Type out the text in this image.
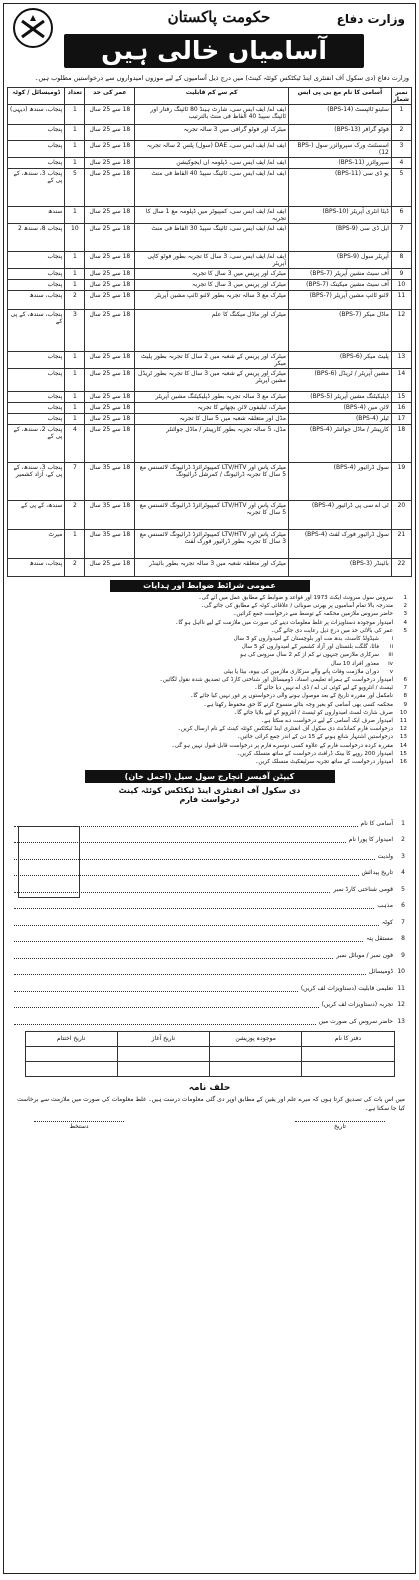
وزارت دفاع
حکومت پاکستان
آسامیاں خالی ہیں
وزارت دفاع (دی سکول آف انفنٹری اینڈ ٹیکٹکس کوئٹہ کینٹ) میں درج ذیل آسامیوں کے لیے موزوں امیدواروں سے درخواستیں مطلوب ہیں۔
نمبر شمار	آسامی کا نام مع بی پی ایس	کم سے کم قابلیت	عمر کی حد	تعداد	ڈومیسائل / کوٹہ
1	سٹینو ٹائپسٹ (BPS-14)	ایف اے/ ایف ایس سی، شارٹ ہینڈ 80 ٹائپنگ رفتار اور ٹائپنگ سپیڈ 40 الفاظ فی منٹ بالترتیب	18 سے 25 سال	1	پنجاب، سندھ (دیہی)
2	فوٹو گرافر (BPS-13)	میٹرک اور فوٹو گرافی میں 3 سالہ تجربہ	18 سے 25 سال	1	پنجاب
3	اسسٹنٹ ورک سپروائزر سول (BPS-12)	ایف اے/ ایف ایس سی، DAE (سول) پلس 2 سالہ تجربہ	18 سے 25 سال	1	پنجاب
4	سپروائزر (BPS-11)	ایف اے/ ایف ایس سی، ڈپلومہ ان ایجوکیشن	18 سے 25 سال	1	پنجاب
5	یو ڈی سی (BPS-11)	ایف اے/ ایف ایس سی، ٹائپنگ سپیڈ 40 الفاظ فی منٹ	18 سے 25 سال	5	پنجاب 3، سندھ، کے پی کے
6	ڈیٹا انٹری آپریٹر (BPS-10)	ایف اے/ ایف ایس سی، کمپیوٹر میں ڈپلومہ مع 1 سال کا تجربہ	18 سے 25 سال	1	سندھ
7	ایل ڈی سی (BPS-9)	ایف اے/ ایف ایس سی، ٹائپنگ سپیڈ 30 الفاظ فی منٹ	18 سے 25 سال	10	پنجاب 8، سندھ 2
8	آپریٹر سول (BPS-9)	ایف اے/ ایف ایس سی، 3 سال کا تجربہ بطور فوٹو کاپی آپریٹر	18 سے 25 سال	1	پنجاب
9	آف سیٹ مشین آپریٹر (BPS-7)	میٹرک اور پریس میں 3 سال کا تجربہ	18 سے 25 سال	1	پنجاب
10	آف سیٹ مشین میکینک (BPS-7)	میٹرک اور پریس میں 3 سال کا تجربہ	18 سے 25 سال	1	پنجاب
11	لائنو ٹائپ مشین آپریٹر (BPS-7)	میٹرک مع 3 سالہ تجربہ بطور لائنو ٹائپ مشین آپریٹر	18 سے 25 سال	2	پنجاب، سندھ
12	ماڈل میکر (BPS-7)	میٹرک اور ماڈل میکنگ کا علم	18 سے 25 سال	3	پنجاب، سندھ، کے پی کے
13	پلیٹ میکر (BPS-6)	میٹرک اور پریس کے شعبہ میں 2 سال کا تجربہ بطور پلیٹ میکر	18 سے 25 سال	1	پنجاب
14	مشین آپریٹر / ٹریڈل (BPS-6)	میٹرک اور پریس کے شعبہ میں 3 سال کا تجربہ بطور ٹریڈل مشین آپریٹر	18 سے 25 سال	1	پنجاب
15	ڈپلیکیٹنگ مشین آپریٹر (BPS-5)	میٹرک مع 3 سالہ تجربہ بطور ڈپلیکیٹنگ مشین آپریٹر	18 سے 25 سال	1	پنجاب
16	لائن مین (BPS-4)	میٹرک، ٹیلیفون لائن بچھانے کا تجربہ	18 سے 25 سال	1	پنجاب
17	ٹیلر (BPS-4)	مڈل اور متعلقہ شعبہ میں 5 سال کا تجربہ	18 سے 25 سال	1	پنجاب
18	کارپینٹر / ماڈل جوائنٹر (BPS-4)	مڈل، 5 سالہ تجربہ بطور کارپینٹر / ماڈل جوائنٹر	18 سے 25 سال	4	پنجاب 2، سندھ، کے پی کے
19	سول ڈرائیور (BPS-4)	میٹرک پاس اور LTV/HTV کمپیوٹرائزڈ ڈرائیونگ لائسنس مع 5 سال کا تجربہ ڈرائیونگ / کمرشل ڈرائیونگ	18 سے 35 سال	7	پنجاب 3، سندھ، کے پی کے، آزاد کشمیر
20	ٹی اے سی پی ڈرائیور (BPS-4)	میٹرک پاس اور LTV/HTV کمپیوٹرائزڈ ڈرائیونگ لائسنس مع 5 سال کا تجربہ	18 سے 35 سال	2	سندھ، کے پی کے
21	سول ڈرائیور فورک لفٹ (BPS-4)	میٹرک پاس اور LTV/HTV کمپیوٹرائزڈ ڈرائیونگ لائسنس مع 3 سال کا تجربہ بطور ڈرائیور فورک لفٹ	18 سے 35 سال	1	میرٹ
22	بائینڈر (BPS-3)	میٹرک اور متعلقہ شعبہ میں 3 سالہ تجربہ بطور بائینڈر	18 سے 25 سال	2	پنجاب، سندھ
عمومی شرائط ضوابط اور ہدایات
1
سروس سول سرونٹ ایکٹ 1973 اور قواعد و ضوابط کے مطابق عمل میں آئے گی۔
2
مندرجہ بالا تمام آسامیوں پر بھرتی صوبائی / علاقائی کوٹہ کے مطابق کی جائے گی۔
3
حاضر سروس ملازمین محکمہ کے توسط سے درخواست جمع کرائیں۔
4
امیدوار موجودہ دستاویزات پر غلط معلومات دینے کی صورت میں ملازمت کے لیے نااہل ہو گا۔
5
عمر کی بالائی حد میں درج ذیل رعایت دی جائے گی۔
i
شیڈولڈ کاسٹ، بدھ مت اور بلوچستان کے امیدواروں کو 3 سال
ii
فاٹا، گلگت بلتستان اور آزاد کشمیر کے امیدواروں کو 5 سال
iii
سرکاری ملازمین جنہوں نے کم از کم 2 سال سروس کی ہو
iv
معذور افراد 10 سال
v
دوران ملازمت وفات پانے والے سرکاری ملازمین کی بیوہ، بیٹا یا بیٹی
6
امیدوار درخواست کے ہمراہ تعلیمی اسناد، ڈومیسائل اور شناختی کارڈ کی تصدیق شدہ نقول لگائیں۔
7
ٹیسٹ / انٹرویو کے لیے کوئی ٹی اے / ڈی اے نہیں دیا جائے گا۔
8
نامکمل اور مقررہ تاریخ کے بعد موصول ہونے والی درخواستوں پر غور نہیں کیا جائے گا۔
9
محکمہ کسی بھی آسامی کو بغیر وجہ بتائے منسوخ کرنے کا حق محفوظ رکھتا ہے۔
10
صرف شارٹ لسٹ امیدواروں کو ٹیسٹ / انٹرویو کے لیے بلایا جائے گا۔
11
امیدوار صرف ایک آسامی کے لیے درخواست دے سکتا ہے۔
12
درخواست فارم کمانڈنٹ دی سکول آف انفنٹری اینڈ ٹیکٹکس کوئٹہ کینٹ کے نام ارسال کریں۔
13
درخواستیں اشتہار شائع ہونے کے 15 دن کے اندر جمع کرائی جائیں۔
14
مقررہ کردہ درخواست فارم کے علاوہ کسی دوسرے فارم پر درخواست قابل قبول نہیں ہو گی۔
15
امیدوار 200 روپے کا بینک ڈرافٹ درخواست کے ساتھ منسلک کریں۔
16
امیدوار درخواست کے ساتھ تجربہ سرٹیفکیٹ منسلک کریں۔
کیپٹن آفیسر انچارج سول سیل (اجمل خان)
دی سکول آف انفنٹری اینڈ ٹیکٹکس کوئٹہ کینٹ
درخواست فارم
1
آسامی کا نام
2
امیدوار کا پورا نام
3
ولدیت
4
تاریخ پیدائش
5
قومی شناختی کارڈ نمبر
6
مذہب
7
کوٹہ
8
مستقل پتہ
9
فون نمبر / موبائل نمبر
10
ڈومیسائل
11
تعلیمی قابلیت (دستاویزات لف کریں)
12
تجربہ (دستاویزات لف کریں)
13
حاضر سروس کی صورت میں
دفتر کا نام	موجودہ پوزیشن	تاریخ آغاز	تاریخ اختتام

حلف نامہ
میں اس بات کی تصدیق کرتا ہوں کہ میرے علم اور یقین کے مطابق اوپر دی گئی معلومات درست ہیں۔ غلط معلومات کی صورت میں ملازمت سے برخاست کیا جا سکتا ہے۔
تاریخ
دستخط
